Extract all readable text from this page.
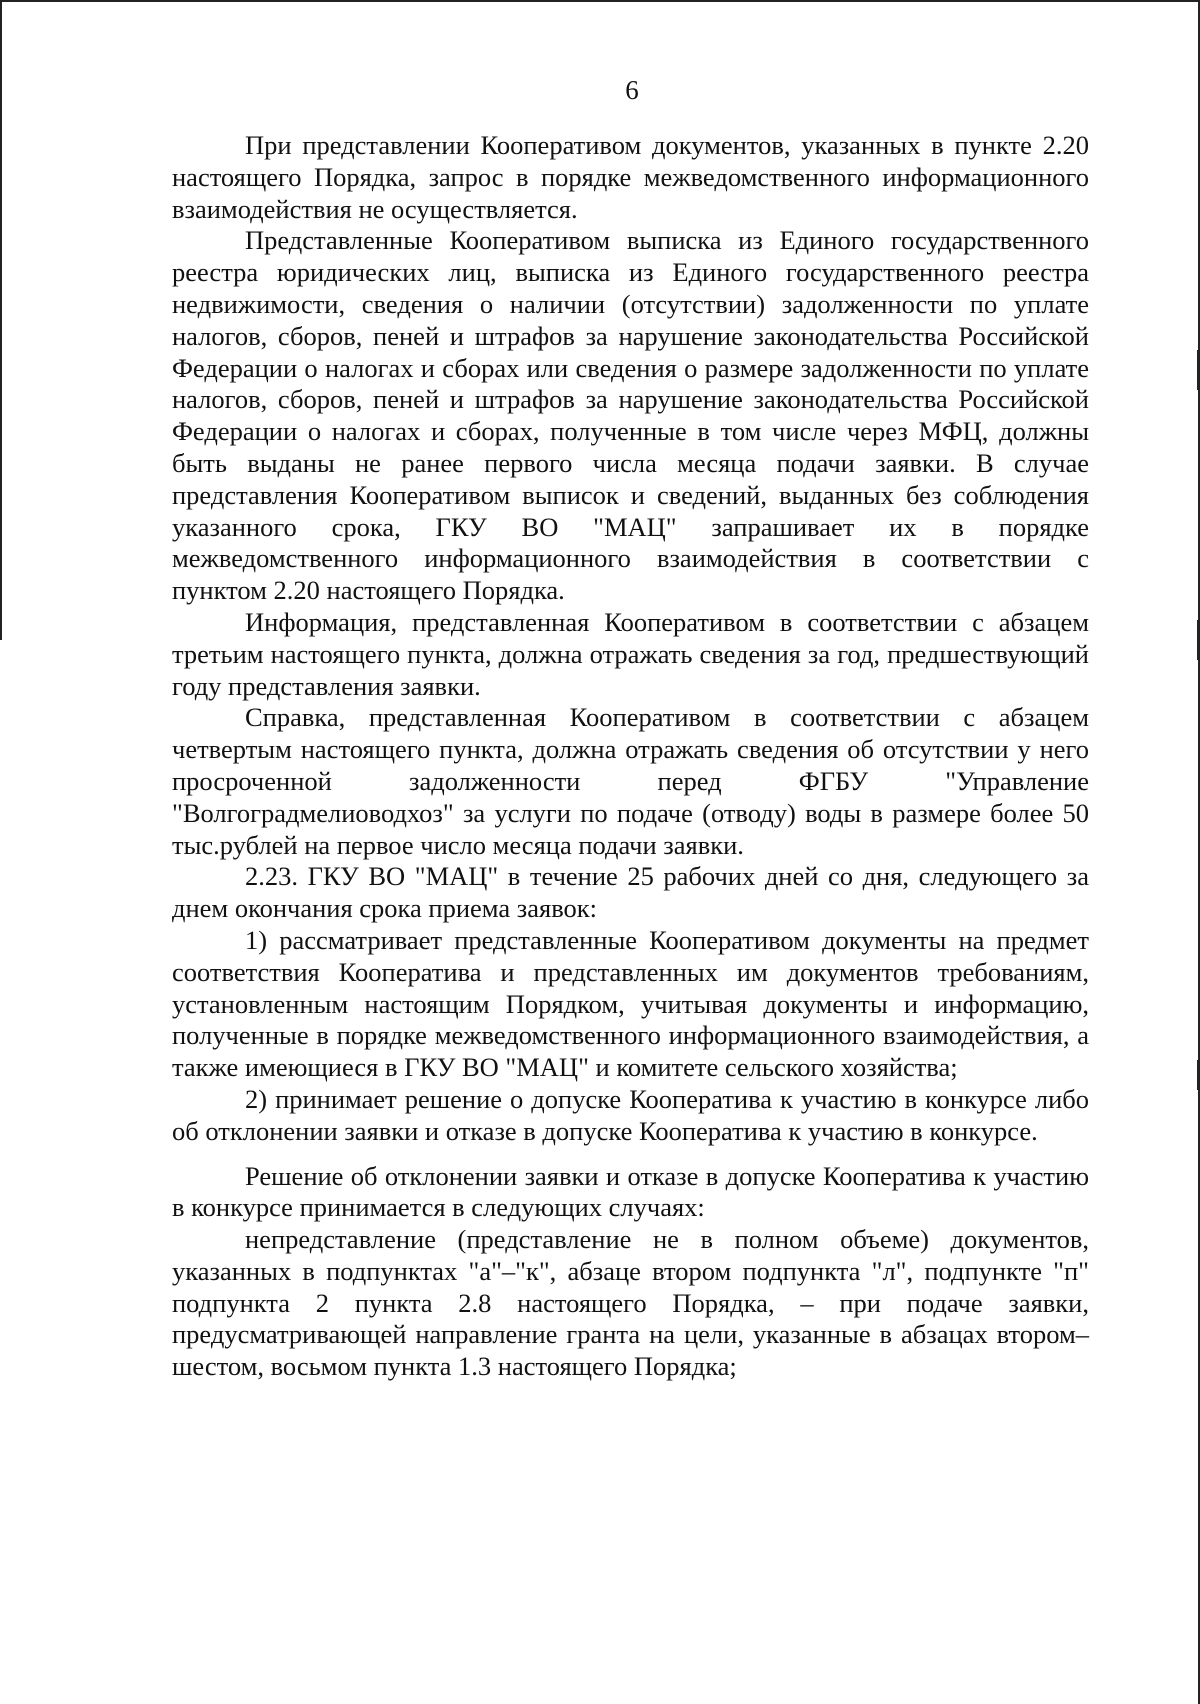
6

При представлении Кооперативом документов, указанных в пункте 2.20 настоящего Порядка, запрос в порядке межведомственного информационного взаимодействия не осуществляется.

Представленные Кооперативом выписка из Единого государственного реестра юридических лиц, выписка из Единого государственного реестра недвижимости, сведения о наличии (отсутствии) задолженности по уплате налогов, сборов, пеней и штрафов за нарушение законодательства Российской Федерации о налогах и сборах или сведения о размере задолженности по уплате налогов, сборов, пеней и штрафов за нарушение законодательства Российской Федерации о налогах и сборах, полученные в том числе через МФЦ, должны быть выданы не ранее первого числа месяца подачи заявки. В случае представления Кооперативом выписок и сведений, выданных без соблюдения указанного срока, ГКУ ВО "МАЦ" запрашивает их в порядке межведомственного информационного взаимодействия в соответствии с пунктом 2.20 настоящего Порядка.

Информация, представленная Кооперативом в соответствии с абзацем третьим настоящего пункта, должна отражать сведения за год, предшествующий году представления заявки.

Справка, представленная Кооперативом в соответствии с абзацем четвертым настоящего пункта, должна отражать сведения об отсутствии у него просроченной задолженности перед ФГБУ "Управление "Волгоградмелиоводхоз" за услуги по подаче (отводу) воды в размере более 50 тыс.рублей на первое число месяца подачи заявки.

2.23. ГКУ ВО "МАЦ" в течение 25 рабочих дней со дня, следующего за днем окончания срока приема заявок:

1) рассматривает представленные Кооперативом документы на предмет соответствия Кооператива и представленных им документов требованиям, установленным настоящим Порядком, учитывая документы и информацию, полученные в порядке межведомственного информационного взаимодействия, а также имеющиеся в ГКУ ВО "МАЦ" и комитете сельского хозяйства;

2) принимает решение о допуске Кооператива к участию в конкурсе либо об отклонении заявки и отказе в допуске Кооператива к участию в конкурсе.

Решение об отклонении заявки и отказе в допуске Кооператива к участию в конкурсе принимается в следующих случаях:

непредставление (представление не в полном объеме) документов, указанных в подпунктах "а"–"к", абзаце втором подпункта "л", подпункте "п" подпункта 2 пункта 2.8 настоящего Порядка, – при подаче заявки, предусматривающей направление гранта на цели, указанные в абзацах втором–шестом, восьмом пункта 1.3 настоящего Порядка;
